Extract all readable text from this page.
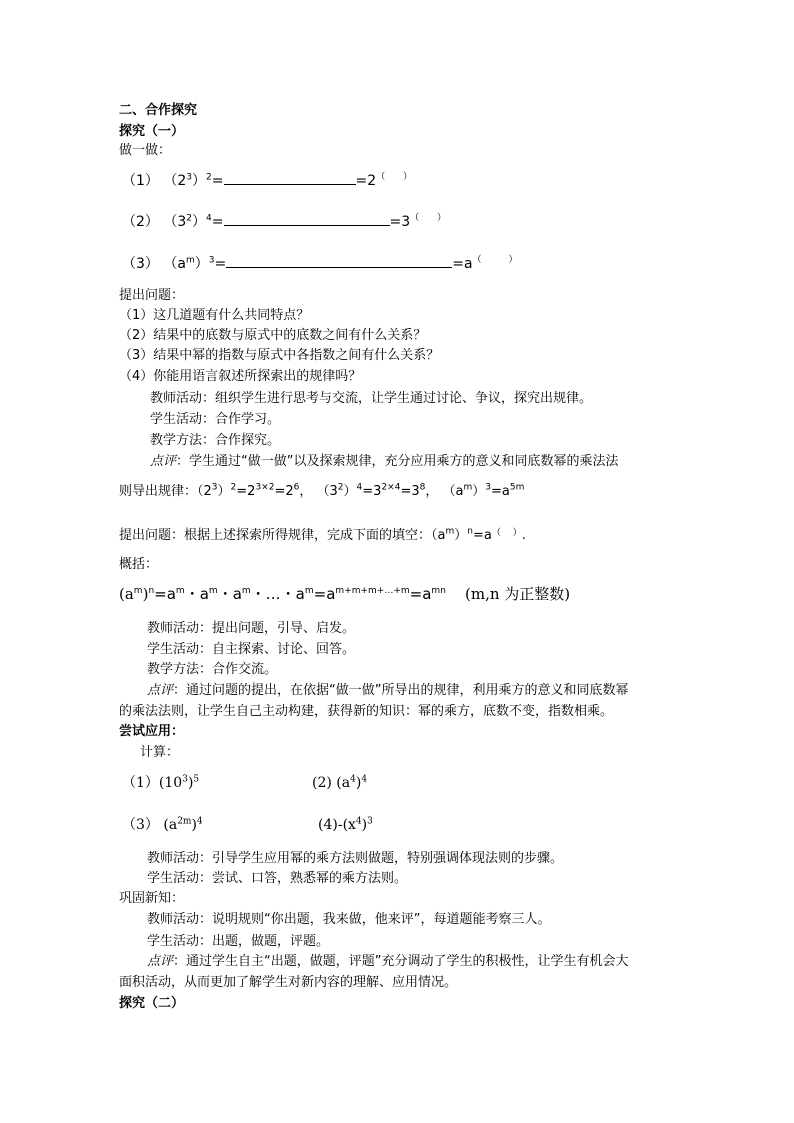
二、合作探究
探究（一）
做一做：
（1） $(2^3)^2=$	=2（　　）
（2） $(3^2)^4=$	=3（　　）
（3） $(a^m)^3=$	=a（　　　）
提出问题：
（1）这几道题有什么共同特点？
（2）结果中的底数与原式中的底数之间有什么关系？
（3）结果中幂的指数与原式中各指数之间有什么关系？
（4）你能用语言叙述所探索出的规律吗？
教师活动：组织学生进行思考与交流，让学生通过讨论、争议，探究出规律。
学生活动：合作学习。
教学方法：合作探究。
点评：学生通过“做一做”以及探索规律，充分应用乘方的意义和同底数幂的乘法法
则导出规律：$(2^3)^2=2^{3\times 2}=2^6$， $(3^2)^4=3^{2\times 4}=3^8$， $(a^m)^3=a^{5m}$
提出问题：根据上述探索所得规律，完成下面的填空：$(a^m)^n=a^{( )}$.
概括：
$(a^m)^n=a^m$・$a^m$・$a^m$・…・$a^m=a^{m+m+m+\dots+m}=a^{mn}$ (m,n 为正整数)
教师活动：提出问题，引导、启发。
学生活动：自主探索、讨论、回答。
教学方法：合作交流。
点评：通过问题的提出，在依据“做一做”所导出的规律，利用乘方的意义和同底数幂
的乘法法则，让学生自己主动构建，获得新的知识：幂的乘方，底数不变，指数相乘。
尝试应用：
计算：
$(1)(10^3)^5$	(2) $(a^4)^4$
（3） $(a^{2m})^4$	$(4)-(x^4)^3$
教师活动：引导学生应用幂的乘方法则做题，特别强调体现法则的步骤。
学生活动：尝试、口答，熟悉幂的乘方法则。
巩固新知：
教师活动：说明规则“你出题，我来做，他来评”，每道题能考察三人。
学生活动：出题，做题，评题。
点评：通过学生自主“出题，做题，评题”充分调动了学生的积极性，让学生有机会大
面积活动，从而更加了解学生对新内容的理解、应用情况。
探究（二）
